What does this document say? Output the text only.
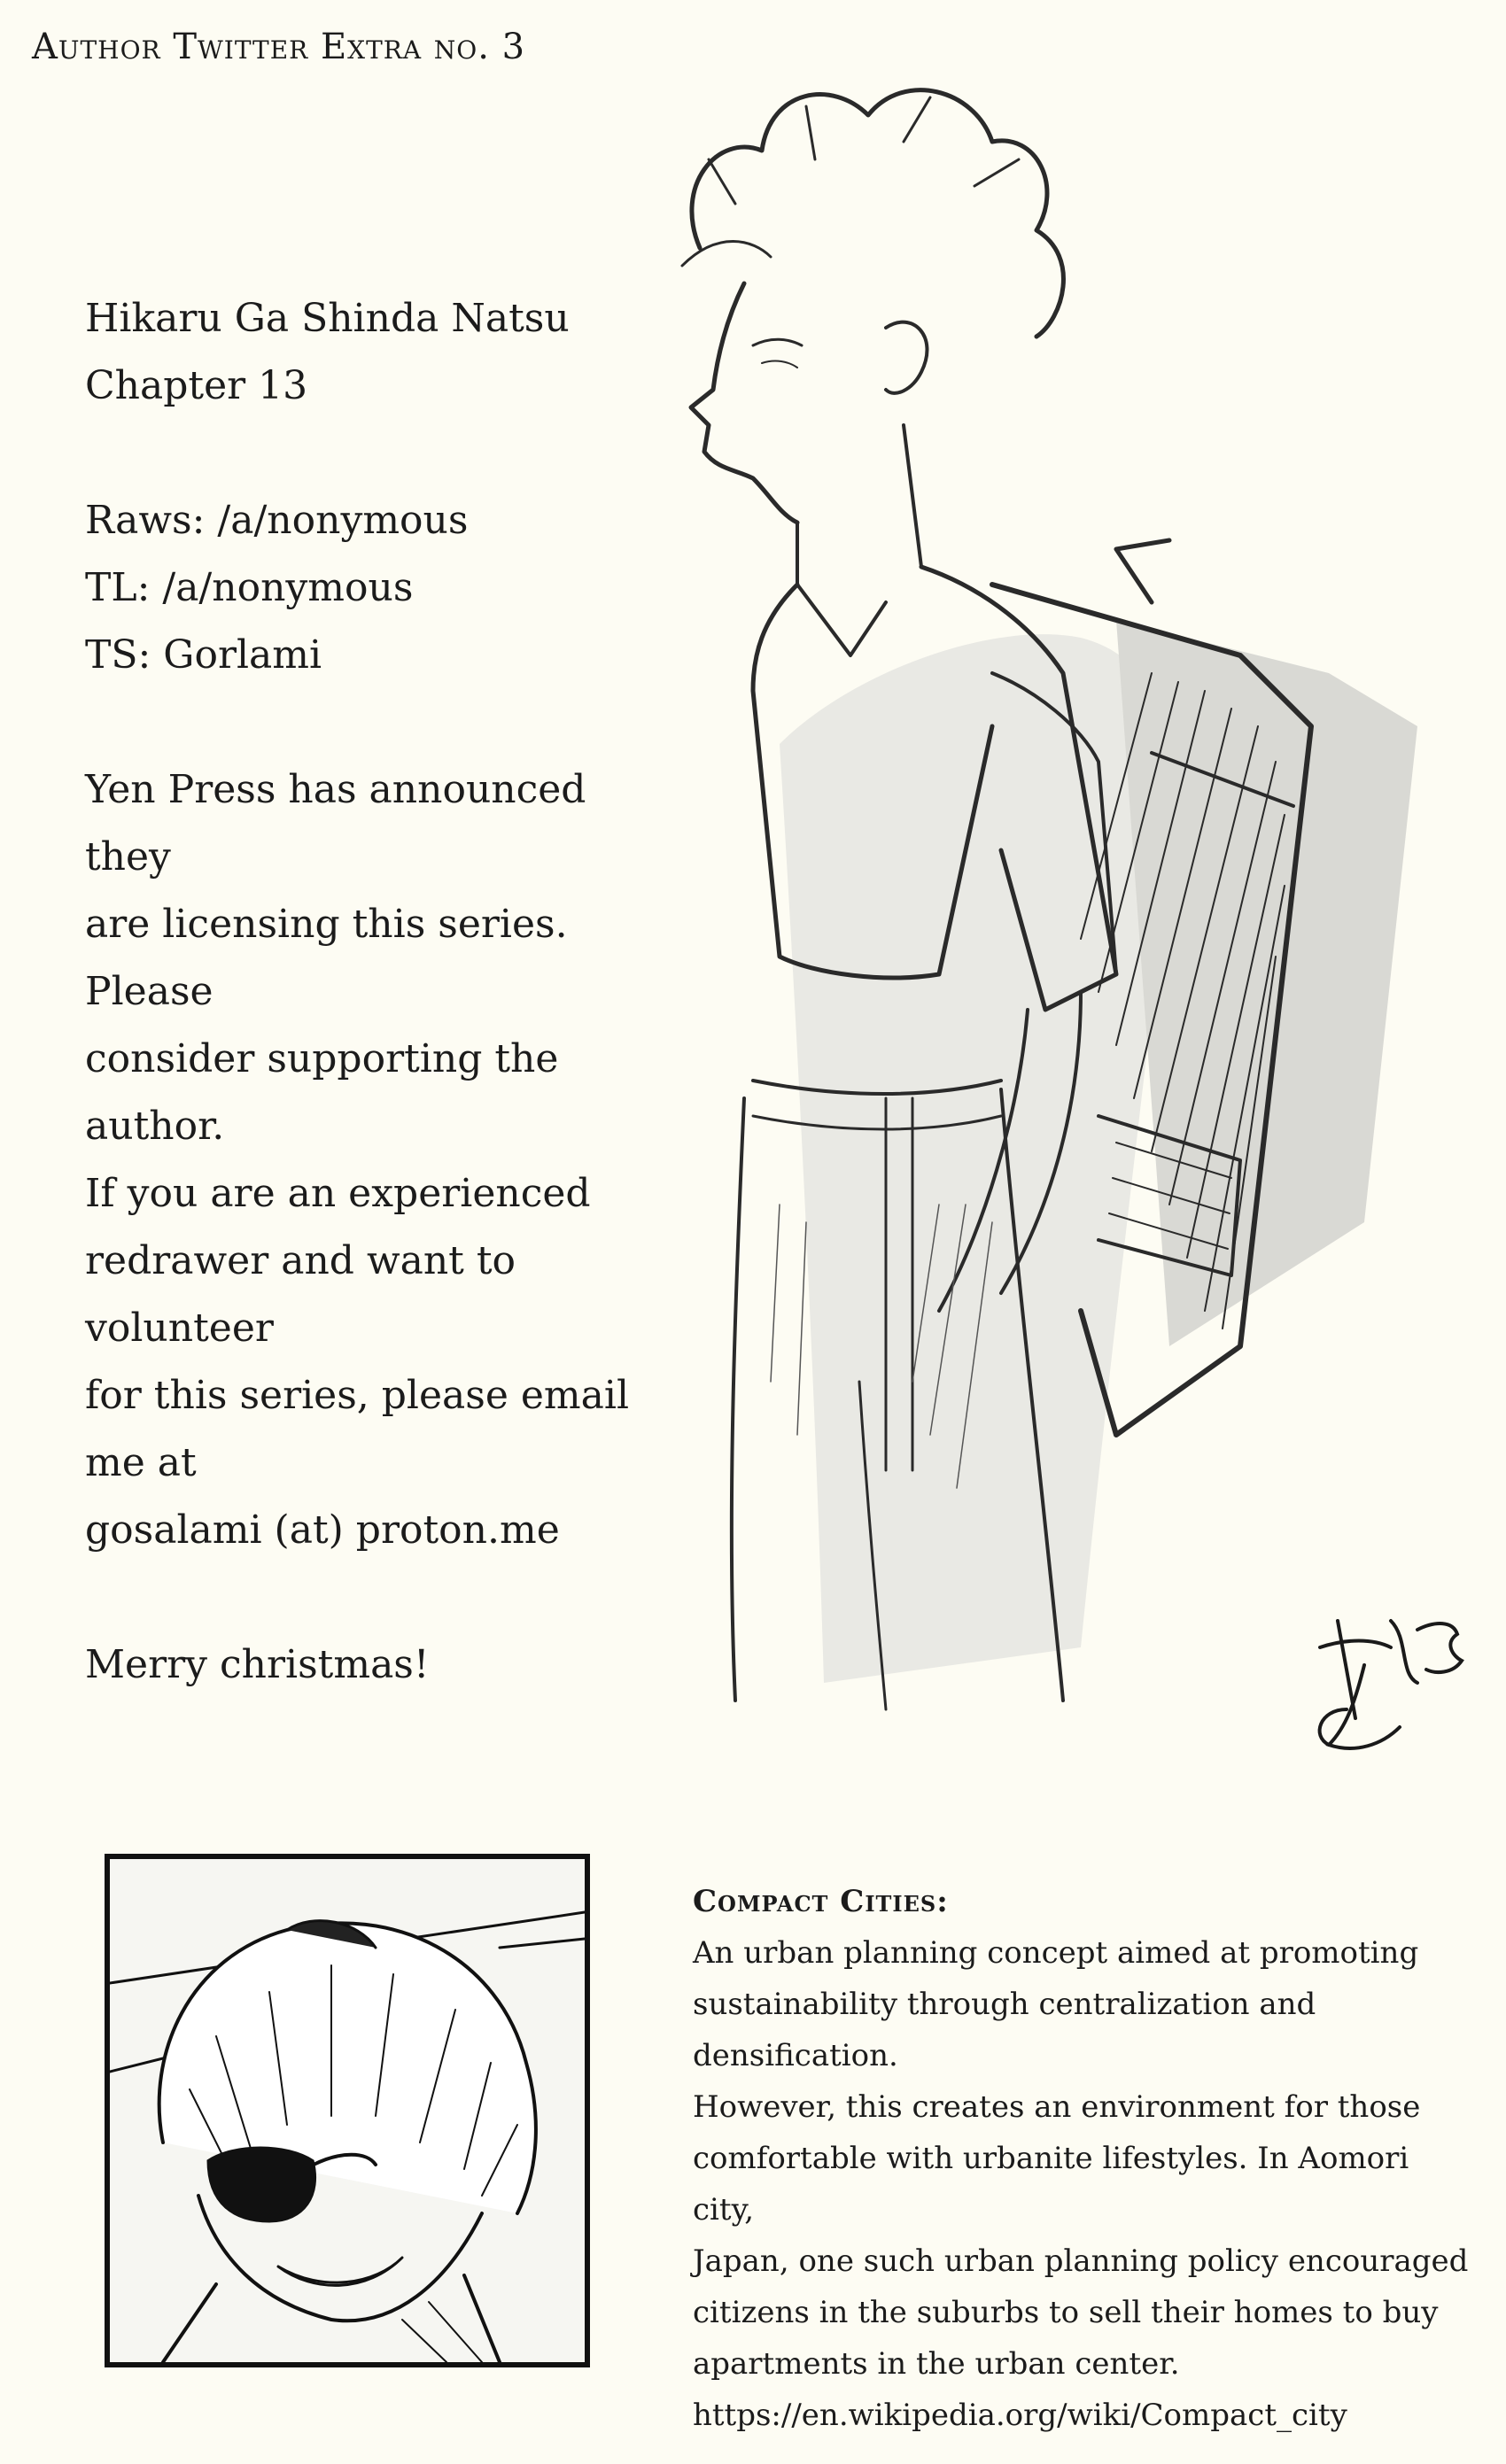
Author Twitter Extra no. 3

Hikaru Ga Shinda Natsu

Chapter 13

Raws: /a/nonymous

TL: /a/nonymous

TS: Gorlami

Yen Press has announced they

are licensing this series. Please

consider supporting the author.

If you are an experienced

redrawer and want to volunteer

for this series, please email me at

gosalami (at) proton.me

Merry christmas!

Compact Cities:

An urban planning concept aimed at promoting

sustainability through centralization and densification.

However, this creates an environment for those

comfortable with urbanite lifestyles. In Aomori city,

Japan, one such urban planning policy encouraged

citizens in the suburbs to sell their homes to buy

apartments in the urban center.

https://en.wikipedia.org/wiki/Compact_city
